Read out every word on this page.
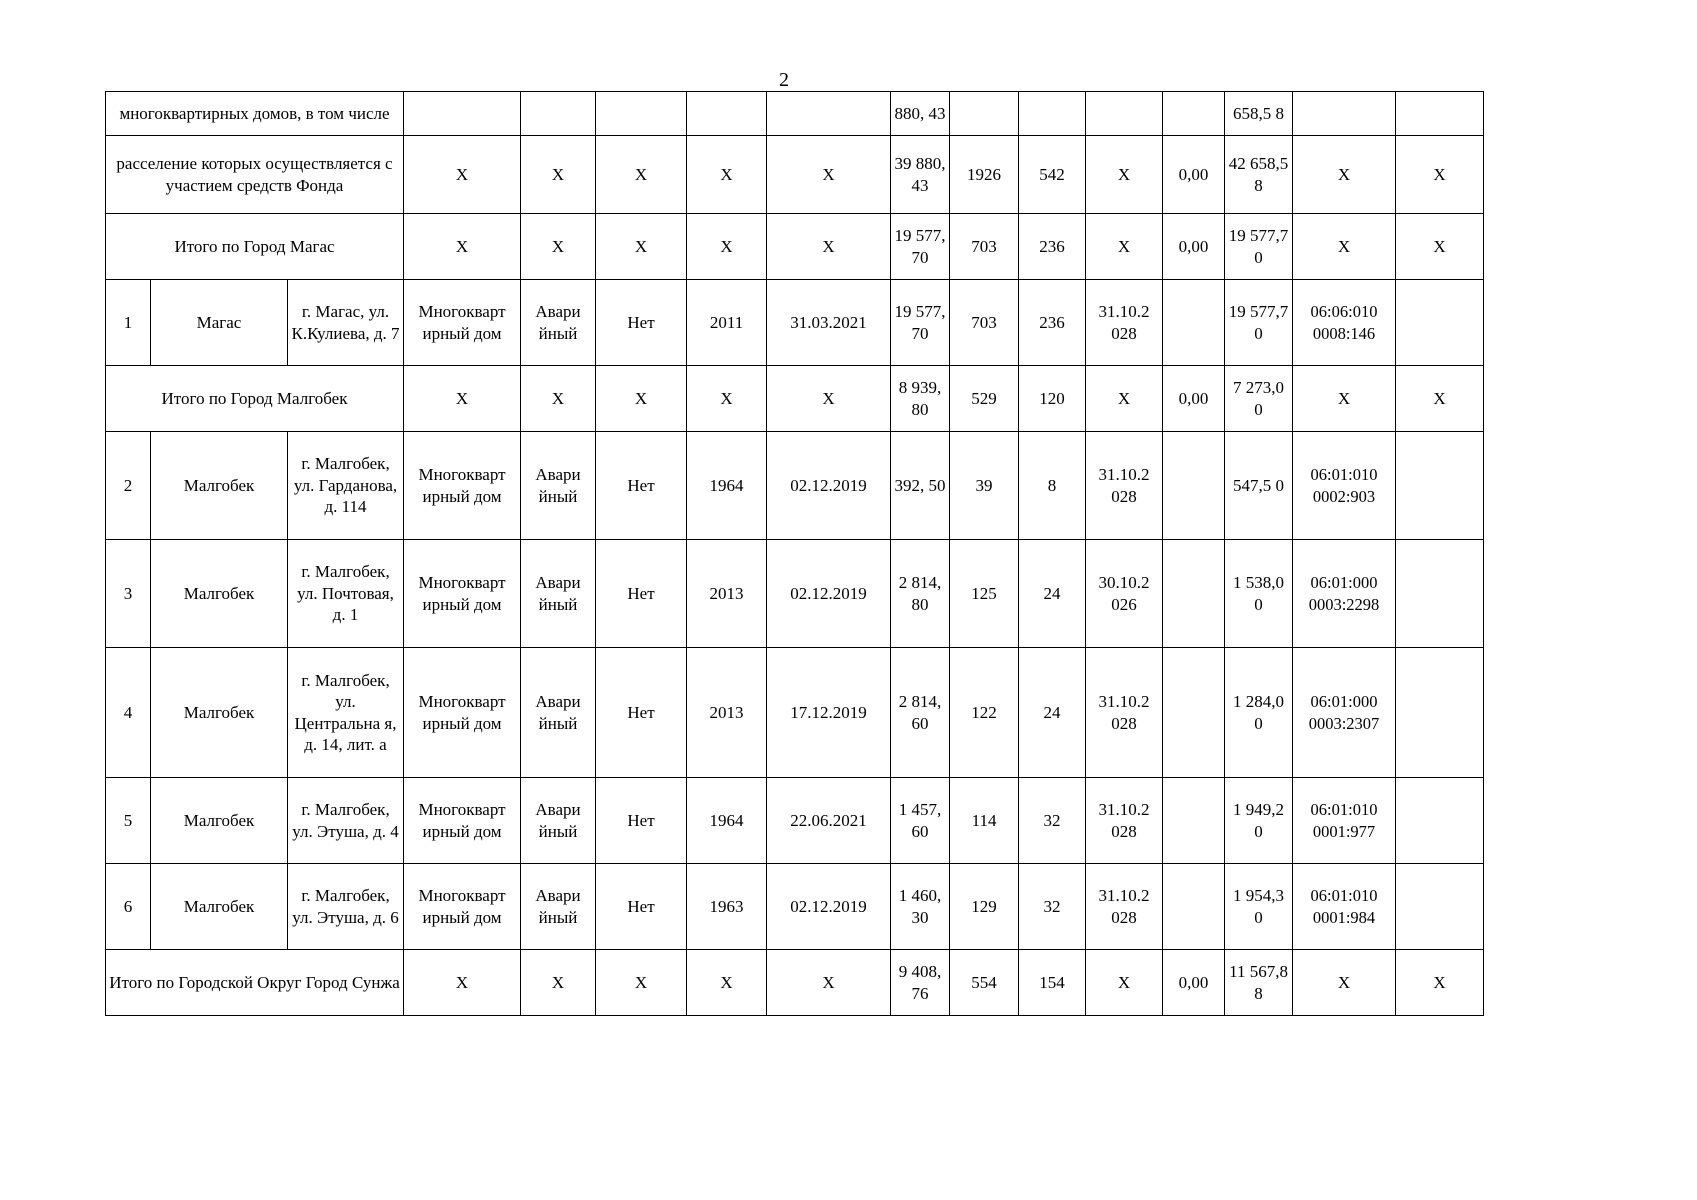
2
многоквартирных домов, в том числе								880, 43					658,5 8		
расселение которых осуществляется с участием средств Фонда			X	X	X	X	X	39 880, 43	1926	542	X	0,00	42 658,5 8	X	X
Итого по Город Магас			X	X	X	X	X	19 577, 70	703	236	X	0,00	19 577,7 0	X	X
1	Магас	г. Магас, ул. К.Кулиева, д. 7	Многокварт ирный дом	Авари йный	Нет	2011	31.03.2021	19 577, 70	703	236	31.10.2 028		19 577,7 0	06:06:010 0008:146	
Итого по Город Малгобек			X	X	X	X	X	8 939, 80	529	120	X	0,00	7 273,0 0	X	X
2	Малгобек	г. Малгобек, ул. Гарданова, д. 114	Многокварт ирный дом	Авари йный	Нет	1964	02.12.2019	392, 50	39	8	31.10.2 028		547,5 0	06:01:010 0002:903	
3	Малгобек	г. Малгобек, ул. Почтовая, д. 1	Многокварт ирный дом	Авари йный	Нет	2013	02.12.2019	2 814, 80	125	24	30.10.2 026		1 538,0 0	06:01:000 0003:2298	
4	Малгобек	г. Малгобек, ул. Центральна я, д. 14, лит. а	Многокварт ирный дом	Авари йный	Нет	2013	17.12.2019	2 814, 60	122	24	31.10.2 028		1 284,0 0	06:01:000 0003:2307	
5	Малгобек	г. Малгобек, ул. Этуша, д. 4	Многокварт ирный дом	Авари йный	Нет	1964	22.06.2021	1 457, 60	114	32	31.10.2 028		1 949,2 0	06:01:010 0001:977	
6	Малгобек	г. Малгобек, ул. Этуша, д. 6	Многокварт ирный дом	Авари йный	Нет	1963	02.12.2019	1 460, 30	129	32	31.10.2 028		1 954,3 0	06:01:010 0001:984	
Итого по Городской Округ Город Сунжа			X	X	X	X	X	9 408, 76	554	154	X	0,00	11 567,8 8	X	X
